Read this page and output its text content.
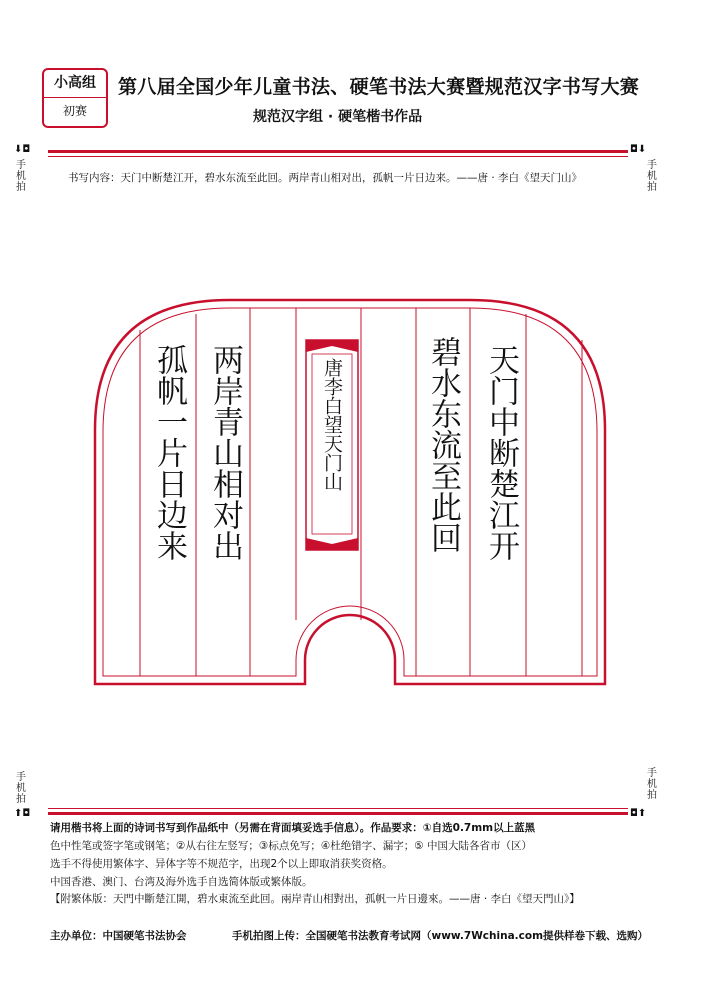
小高组
初赛
第八届全国少年儿童书法、硬笔书法大赛暨规范汉字书写大赛
规范汉字组 · 硬笔楷书作品
⬇◘
手机拍
◘⬇
手机拍
书写内容：天门中断楚江开，碧水东流至此回。两岸青山相对出，孤帆一片日边来。——唐 · 李白《望天门山》
天门中断楚江开
碧水东流至此回
唐李白望天门山
两岸青山相对出
孤帆一片日边来
手机拍
⬆◘
手机拍
◘⬆
请用楷书将上面的诗词书写到作品纸中（另需在背面填妥选手信息）。作品要求：①自选0.7mm以上蓝黑
色中性笔或签字笔或钢笔；②从右往左竖写；③标点免写；④杜绝错字、漏字；⑤ 中国大陆各省市（区）
选手不得使用繁体字、异体字等不规范字，出现2个以上即取消获奖资格。
中国香港、澳门、台湾及海外选手自选简体版或繁体版。
【附繁体版：天門中斷楚江開，碧水東流至此回。兩岸青山相對出，孤帆一片日邊來。——唐 · 李白《望天門山》】
主办单位：中国硬笔书法协会	手机拍图上传：全国硬笔书法教育考试网（www.7Wchina.com提供样卷下载、选购）
